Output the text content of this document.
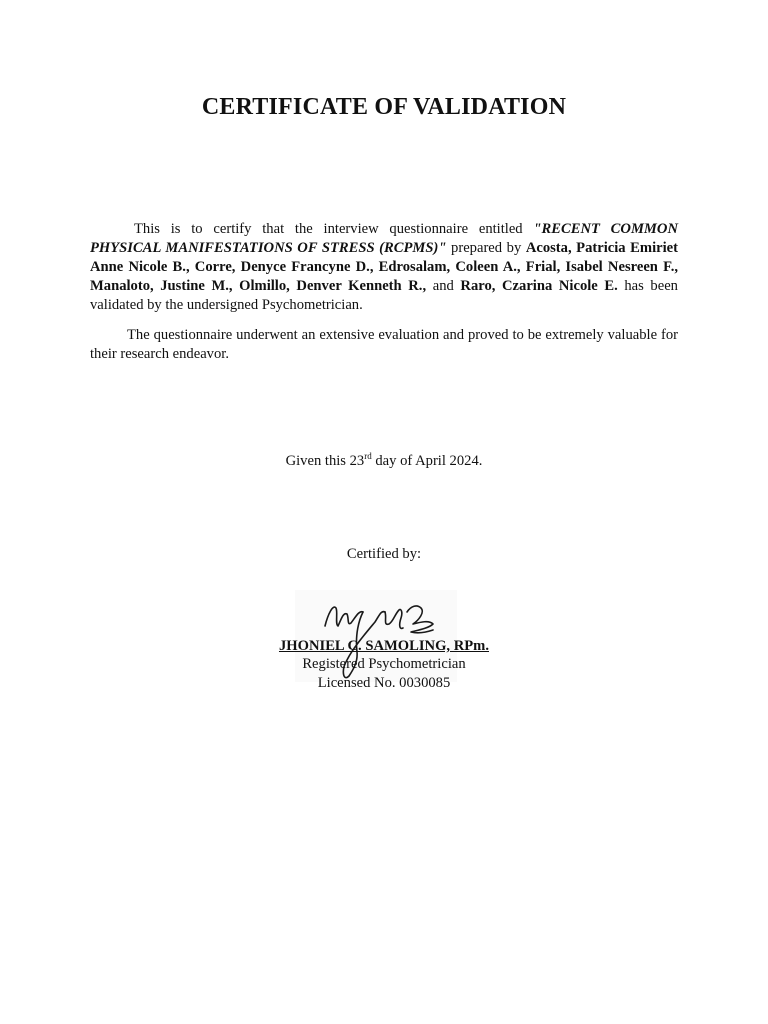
CERTIFICATE OF VALIDATION
This is to certify that the interview questionnaire entitled "RECENT COMMON PHYSICAL MANIFESTATIONS OF STRESS (RCPMS)" prepared by Acosta, Patricia Emiriet Anne Nicole B., Corre, Denyce Francyne D., Edrosalam, Coleen A., Frial, Isabel Nesreen F., Manaloto, Justine M., Olmillo, Denver Kenneth R., and Raro, Czarina Nicole E. has been validated by the undersigned Psychometrician.
The questionnaire underwent an extensive evaluation and proved to be extremely valuable for their research endeavor.
Given this 23rd day of April 2024.
Certified by:
JHONIEL C. SAMOLING, RPm.
Registered Psychometrician
Licensed No. 0030085
